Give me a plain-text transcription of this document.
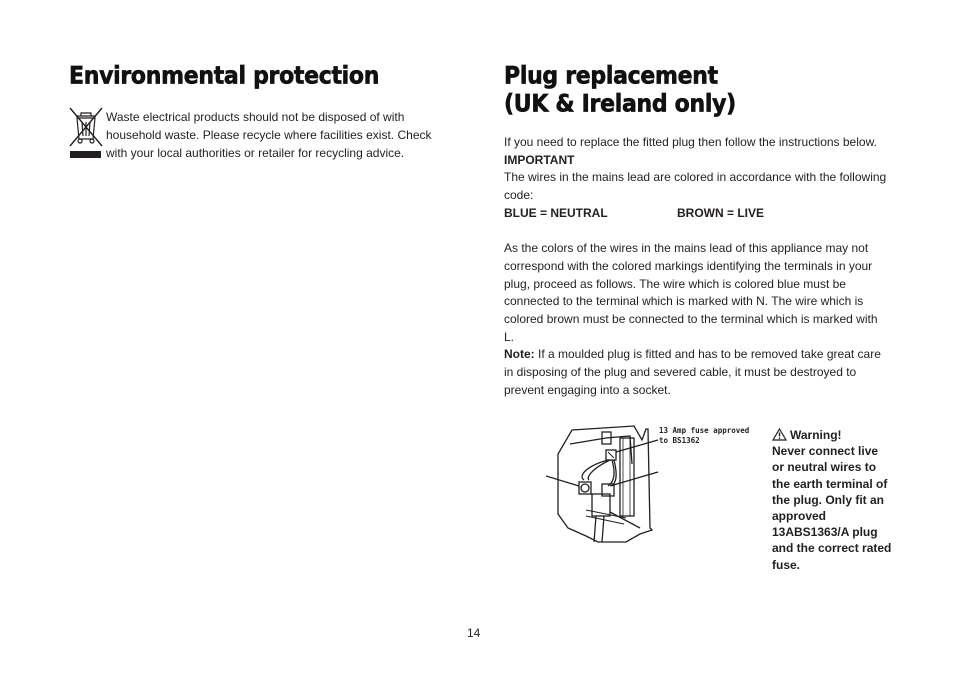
Environmental protection

Waste electrical products should not be disposed of with household waste. Please recycle where facilities exist. Check with your local authorities or retailer for recycling advice.

Plug replacement
(UK & Ireland only)

If you need to replace the fitted plug then follow the instructions below.

IMPORTANT

The wires in the mains lead are colored in accordance with the following code:

BLUE = NEUTRAL	BROWN = LIVE

As the colors of the wires in the mains lead of this appliance may not correspond with the colored markings identifying the terminals in your plug, proceed as follows. The wire which is colored blue must be connected to the terminal which is marked with N. The wire which is colored brown must be connected to the terminal which is marked with L.

Note: If a moulded plug is fitted and has to be removed take great care in disposing of the plug and severed cable, it must be destroyed to prevent engaging into a socket.

13 Amp fuse approved
to BS1362	Warning!
Never connect live or neutral wires to the earth terminal of the plug. Only fit an approved 13ABS1363/A plug and the correct rated fuse.

14
